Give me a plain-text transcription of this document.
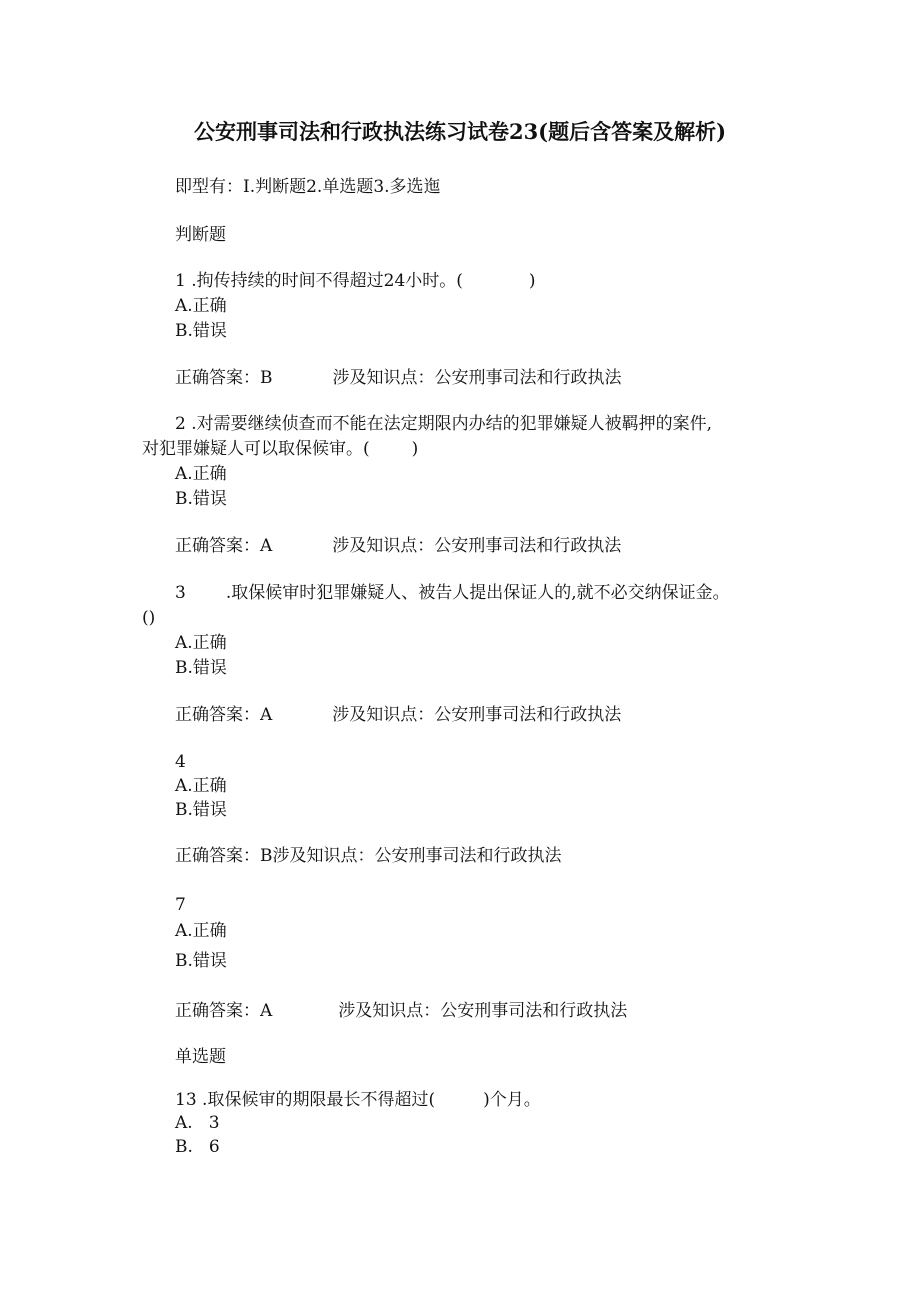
公安刑事司法和行政执法练习试卷23(题后含答案及解析)
即型有：I.判断题2.单选题3.多选迤
判断题
1 .拘传持续的时间不得超过24小时。(	)
A.正确
B.错误
正确答案：B	涉及知识点：公安刑事司法和行政执法
2 .对需要继续侦查而不能在法定期限内办结的犯罪嫌疑人被羁押的案件,
对犯罪嫌疑人可以取保候审。( )
A.正确
B.错误
正确答案：A	涉及知识点：公安刑事司法和行政执法
3 .取保候审时犯罪嫌疑人、被告人提出保证人的,就不必交纳保证金。
()
A.正确
B.错误
正确答案：A	涉及知识点：公安刑事司法和行政执法
4
A.正确
B.错误
正确答案：B涉及知识点：公安刑事司法和行政执法
7
A.正确
B.错误
正确答案：A	涉及知识点：公安刑事司法和行政执法
单选题
13 .取保候审的期限最长不得超过(	)个月。
A. 3
B. 6
